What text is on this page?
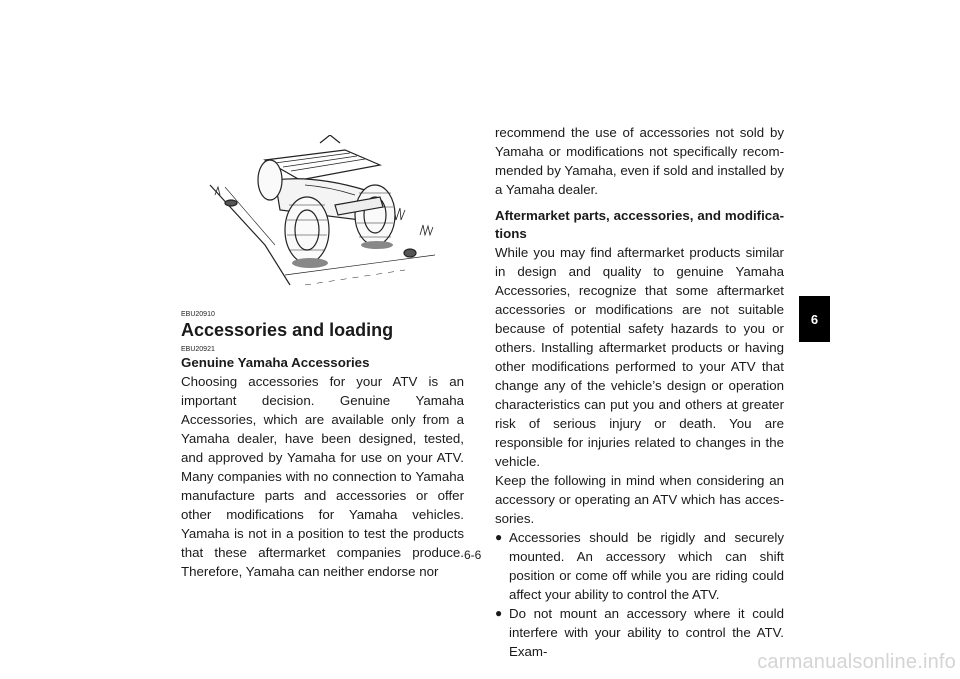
EBU20910
Accessories and loading
EBU20921
Genuine Yamaha Accessories

Choosing accessories for your ATV is an important decision. Genuine Yamaha Accessories, which are available only from a Yamaha dealer, have been designed, tested, and approved by Yamaha for use on your ATV. Many companies with no connection to Yamaha manufacture parts and accessories or offer other modifications for Yamaha vehicles. Yamaha is not in a position to test the products that these aftermarket companies produce. Therefore, Yamaha can neither endorse nor

recommend the use of accessories not sold by Yamaha or modifications not specifically recommended by Yamaha, even if sold and installed by a Yamaha dealer.

Aftermarket parts, accessories, and modifications

While you may find aftermarket products similar in design and quality to genuine Yamaha Accessories, recognize that some aftermarket accessories or modifications are not suitable because of potential safety hazards to you or others. Installing aftermarket products or having other modifications performed to your ATV that change any of the vehicle’s design or operation characteristics can put you and others at greater risk of serious injury or death. You are responsible for injuries related to changes in the vehicle.

Keep the following in mind when considering an accessory or operating an ATV which has accessories.

● Accessories should be rigidly and securely mounted. An accessory which can shift position or come off while you are riding could affect your ability to control the ATV.
● Do not mount an accessory where it could interfere with your ability to control the ATV. Exam-
6-6
6
carmanualsonline.info
